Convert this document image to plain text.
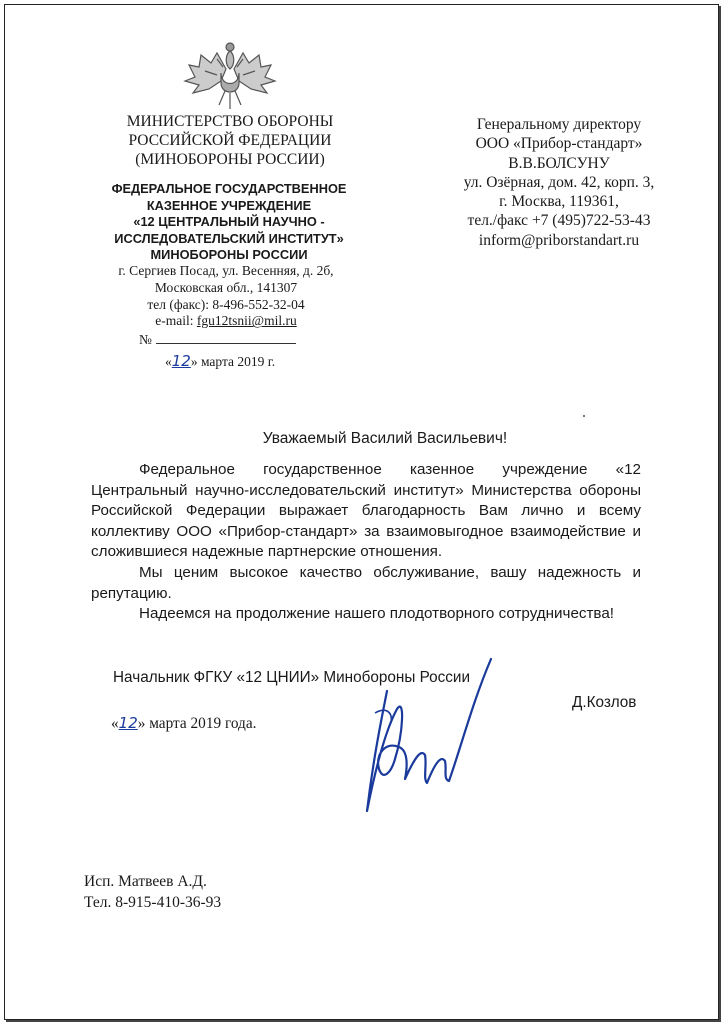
МИНИСТЕРСТВО ОБОРОНЫ
РОССИЙСКОЙ ФЕДЕРАЦИИ
(МИНОБОРОНЫ РОССИИ)
ФЕДЕРАЛЬНОЕ ГОСУДАРСТВЕННОЕ
КАЗЕННОЕ УЧРЕЖДЕНИЕ
«12 ЦЕНТРАЛЬНЫЙ НАУЧНО -
ИССЛЕДОВАТЕЛЬСКИЙ ИНСТИТУТ»
МИНОБОРОНЫ РОССИИ
г. Сергиев Посад, ул. Весенняя, д. 2б,
Московская обл., 141307
тел (факс): 8-496-552-32-04
e-mail: fgu12tsnii@mil.ru
№
«12» марта 2019 г.
Генеральному директору
ООО «Прибор-стандарт»
В.В.БОЛСУНУ
ул. Озёрная, дом. 42, корп. 3,
г. Москва, 119361,
тел./факс +7 (495)722-53-43
inform@priborstandart.ru
Уважаемый Василий Васильевич!

Федеральное государственное казенное учреждение «12 Центральный научно-исследовательский институт» Министерства обороны Российской Федерации выражает благодарность Вам лично и всему коллективу ООО «Прибор-стандарт» за взаимовыгодное взаимодействие и сложившиеся надежные партнерские отношения.

Мы ценим высокое качество обслуживание, вашу надежность и репутацию.

Надеемся на продолжение нашего плодотворного сотрудничества!

Начальник ФГКУ «12 ЦНИИ» Минобороны России
Д.Козлов
«12» марта 2019 года.
Исп. Матвеев А.Д.
Тел. 8-915-410-36-93
